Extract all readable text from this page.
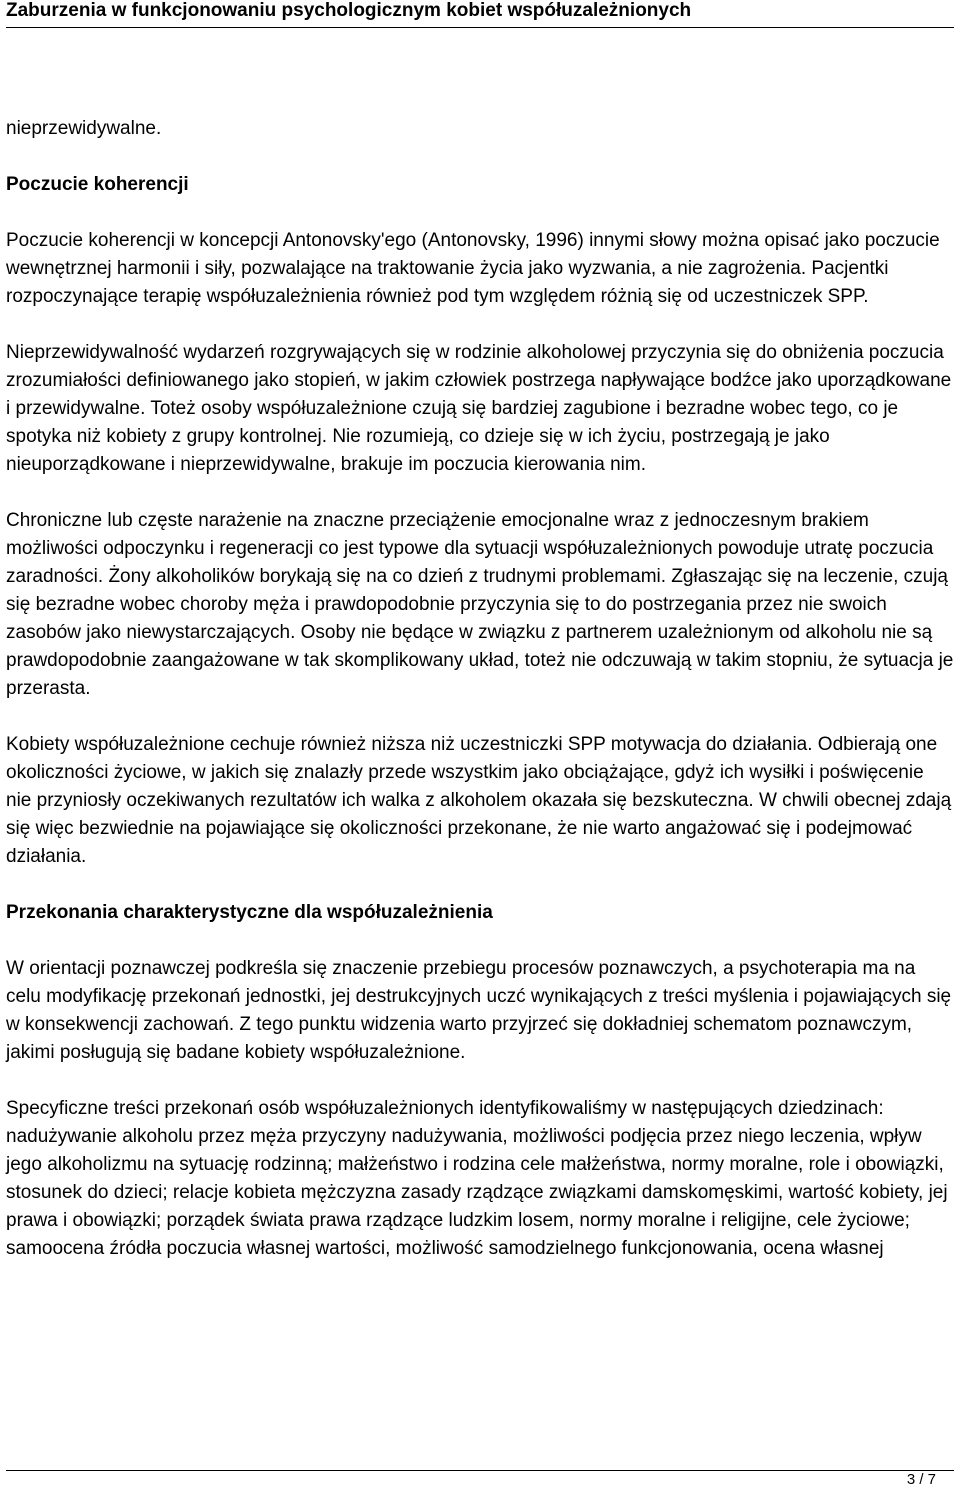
Zaburzenia w funkcjonowaniu psychologicznym kobiet współuzależnionych

nieprzewidywalne.

Poczucie koherencji

Poczucie koherencji w koncepcji Antonovsky'ego (Antonovsky, 1996) innymi słowy można opisać jako poczucie wewnętrznej harmonii i siły, pozwalające na traktowanie życia jako wyzwania, a nie zagrożenia. Pacjentki rozpoczynające terapię współuzależnienia również pod tym względem różnią się od uczestniczek SPP.

Nieprzewidywalność wydarzeń rozgrywających się w rodzinie alkoholowej przyczynia się do obniżenia poczucia zrozumiałości definiowanego jako stopień, w jakim człowiek postrzega napływające bodźce jako uporządkowane i przewidywalne. Toteż osoby współuzależnione czują się bardziej zagubione i bezradne wobec tego, co je spotyka niż kobiety z grupy kontrolnej. Nie rozumieją, co dzieje się w ich życiu, postrzegają je jako nieuporządkowane i nieprzewidywalne, brakuje im poczucia kierowania nim.

Chroniczne lub częste narażenie na znaczne przeciążenie emocjonalne wraz z jednoczesnym brakiem możliwości odpoczynku i regeneracji co jest typowe dla sytuacji współuzależnionych powoduje utratę poczucia zaradności. Żony alkoholików borykają się na co dzień z trudnymi problemami. Zgłaszając się na leczenie, czują się bezradne wobec choroby męża i prawdopodobnie przyczynia się to do postrzegania przez nie swoich zasobów jako niewystarczających. Osoby nie będące w związku z partnerem uzależnionym od alkoholu nie są prawdopodobnie zaangażowane w tak skomplikowany układ, toteż nie odczuwają w takim stopniu, że sytuacja je przerasta.

Kobiety współuzależnione cechuje również niższa niż uczestniczki SPP motywacja do działania. Odbierają one okoliczności życiowe, w jakich się znalazły przede wszystkim jako obciążające, gdyż ich wysiłki i poświęcenie nie przyniosły oczekiwanych rezultatów ich walka z alkoholem okazała się bezskuteczna. W chwili obecnej zdają się więc bezwiednie na pojawiające się okoliczności przekonane, że nie warto angażować się i podejmować działania.

Przekonania charakterystyczne dla współuzależnienia

W orientacji poznawczej podkreśla się znaczenie przebiegu procesów poznawczych, a psychoterapia ma na celu modyfikację przekonań jednostki, jej destrukcyjnych uczć wynikających z treści myślenia i pojawiających się w konsekwencji zachowań. Z tego punktu widzenia warto przyjrzeć się dokładniej schematom poznawczym, jakimi posługują się badane kobiety współuzależnione.

Specyficzne treści przekonań osób współuzależnionych identyfikowaliśmy w następujących dziedzinach: nadużywanie alkoholu przez męża przyczyny nadużywania, możliwości podjęcia przez niego leczenia, wpływ jego alkoholizmu na sytuację rodzinną; małżeństwo i rodzina cele małżeństwa, normy moralne, role i obowiązki, stosunek do dzieci; relacje kobieta mężczyzna zasady rządzące związkami damskomęskimi, wartość kobiety, jej prawa i obowiązki; porządek świata prawa rządzące ludzkim losem, normy moralne i religijne, cele życiowe; samoocena źródła poczucia własnej wartości, możliwość samodzielnego funkcjonowania, ocena własnej

3 / 7
